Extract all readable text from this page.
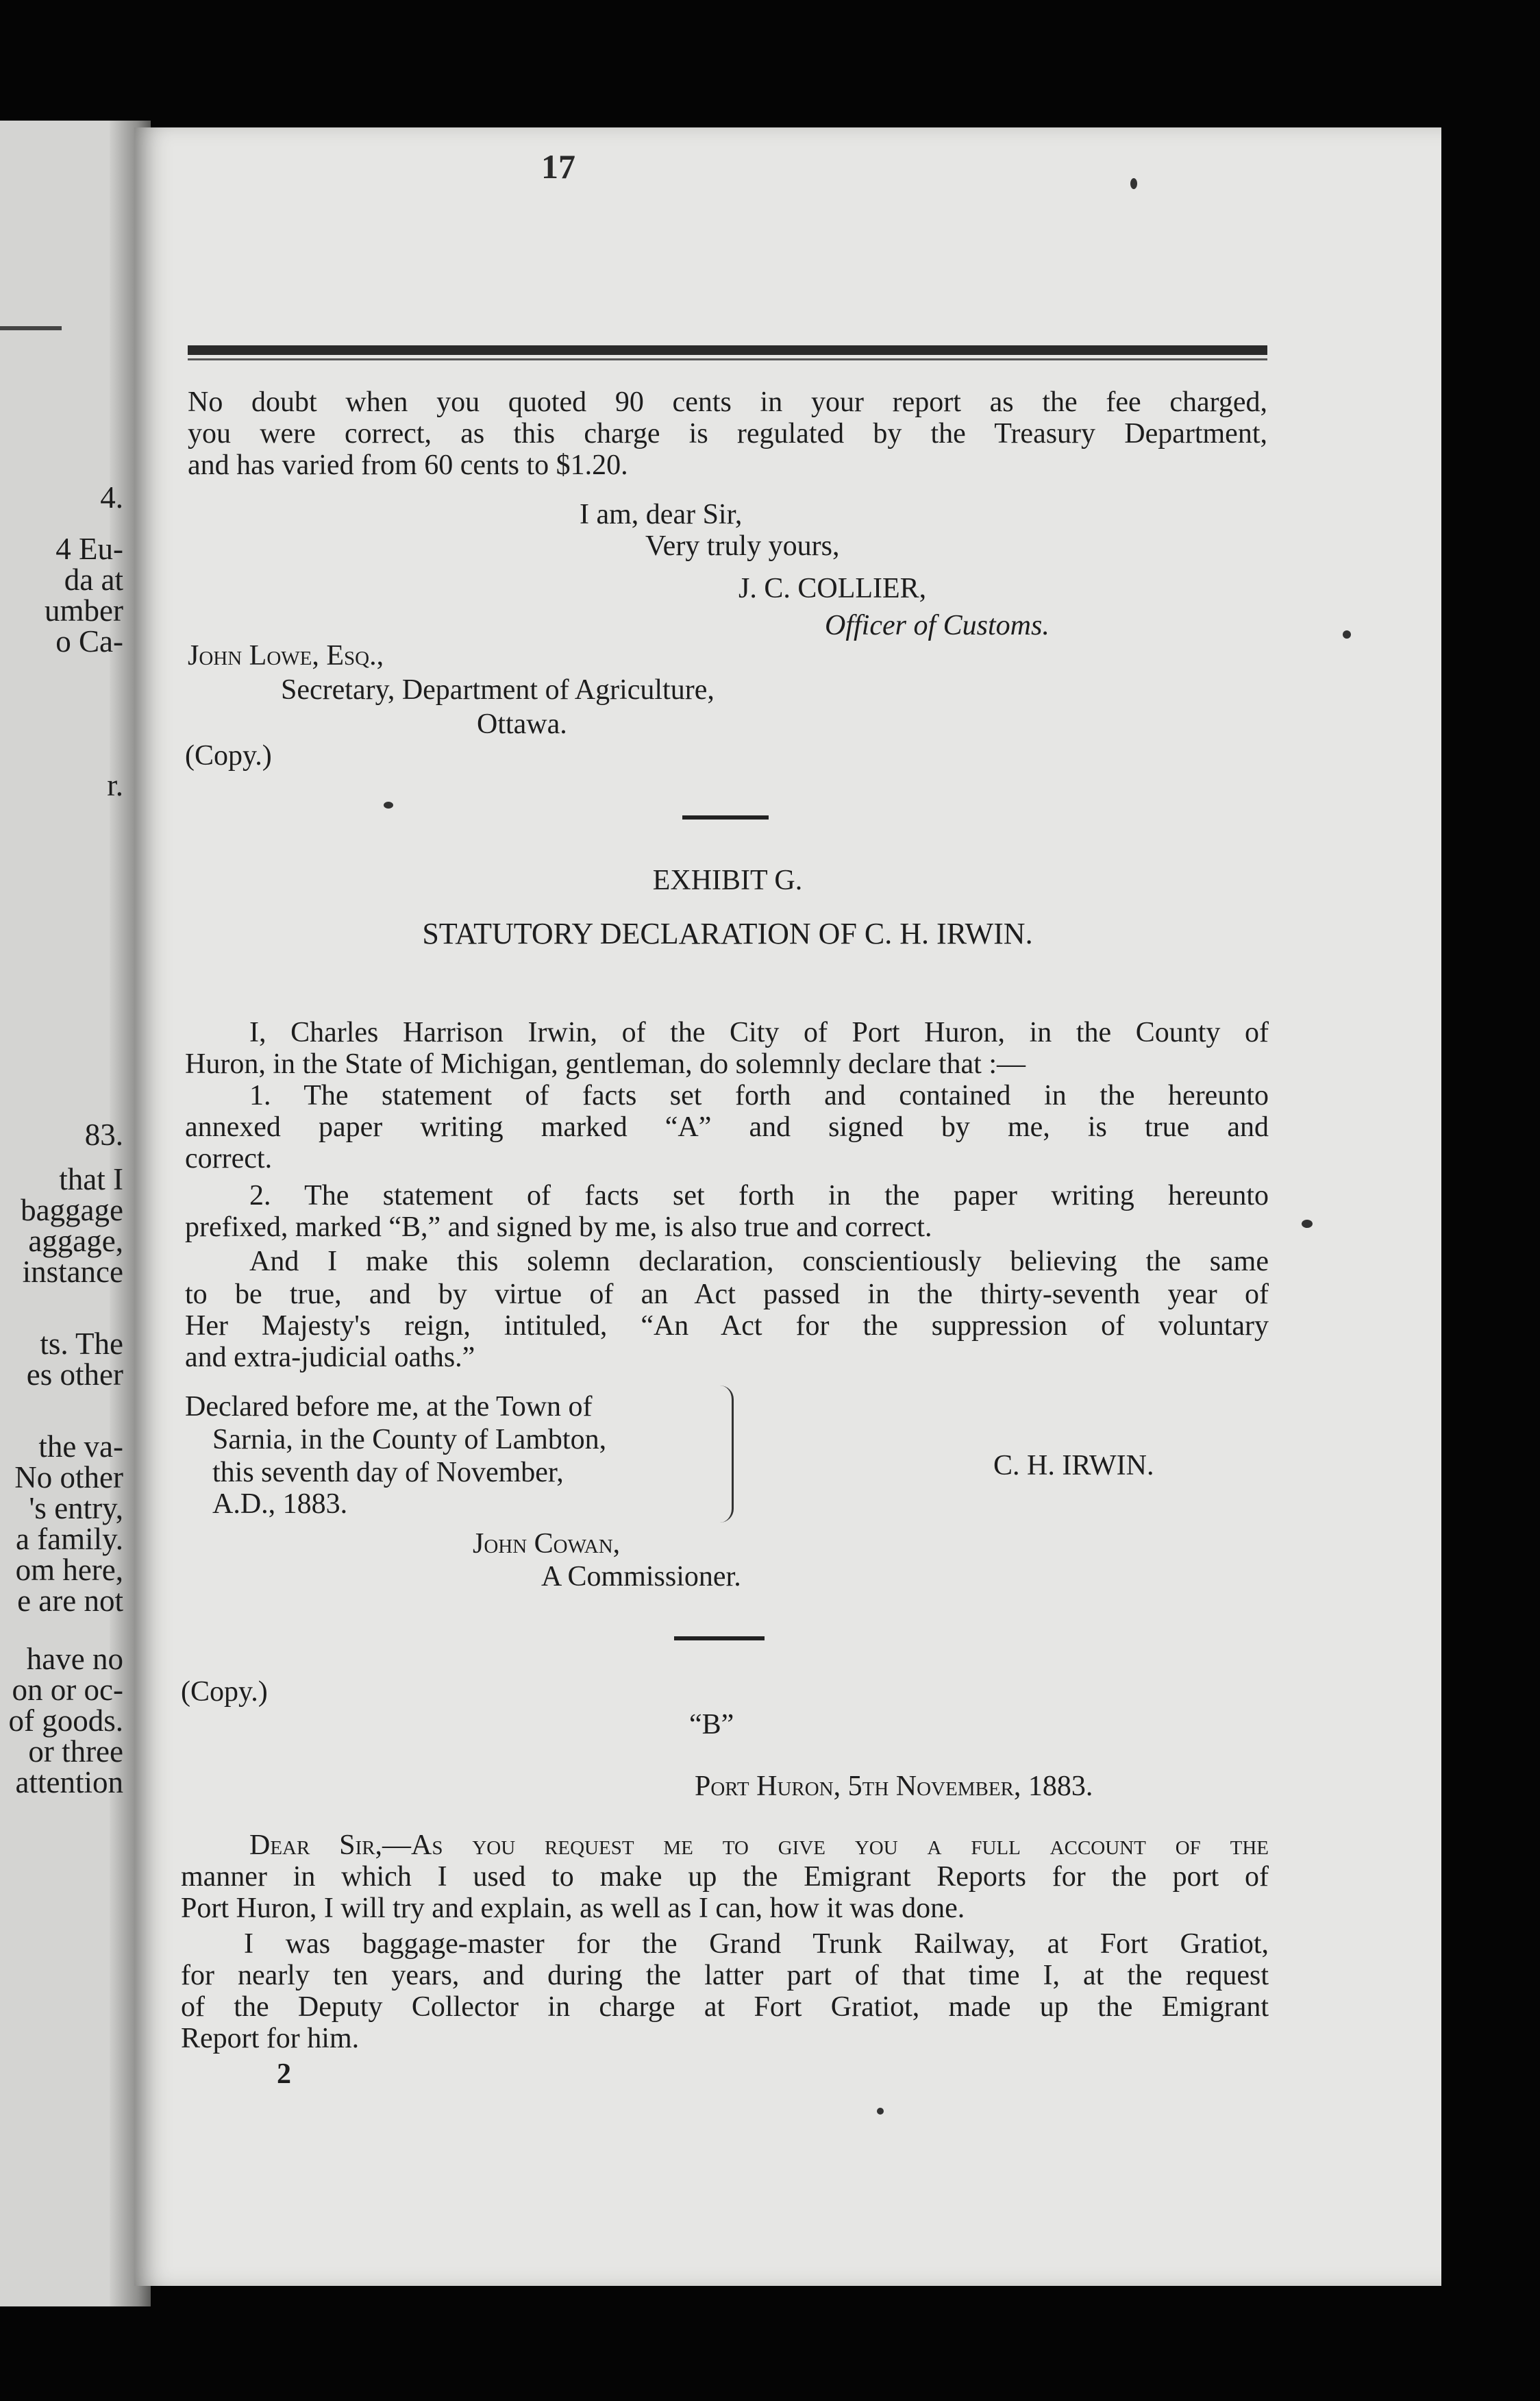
4.
4 Eu-
da at
umber
o Ca-
r.
83.
that I
baggage
aggage,
instance
ts. The
es other
the va-
No other
's entry,
a family.
om here,
e are not
have no
on or oc-
of goods.
or three
attention
17
No doubt when you quoted 90 cents in your report as the fee charged,
you were correct, as this charge is regulated by the Treasury Department,
and has varied from 60 cents to $1.20.
I am, dear Sir,
Very truly yours,
J. C. COLLIER,
Officer of Customs.
John Lowe, Esq.,
Secretary, Department of Agriculture,
Ottawa.
(Copy.)
EXHIBIT G.
STATUTORY DECLARATION OF C. H. IRWIN.
I, Charles Harrison Irwin, of the City of Port Huron, in the County of
Huron, in the State of Michigan, gentleman, do solemnly declare that :—
1. The statement of facts set forth and contained in the hereunto
annexed paper writing marked “A” and signed by me, is true and
correct.
2. The statement of facts set forth in the paper writing hereunto
prefixed, marked “B,” and signed by me, is also true and correct.
And I make this solemn declaration, conscientiously believing the same
to be true, and by virtue of an Act passed in the thirty-seventh year of
Her Majesty's reign, intituled, “An Act for the suppression of voluntary
and extra-judicial oaths.”
Declared before me, at the Town of
Sarnia, in the County of Lambton,
this seventh day of November,
A.D., 1883.
C. H. IRWIN.
John Cowan,
A Commissioner.
(Copy.)
“B”
Port Huron, 5th November, 1883.
Dear Sir,—As you request me to give you a full account of the
manner in which I used to make up the Emigrant Reports for the port of
Port Huron, I will try and explain, as well as I can, how it was done.
I was baggage-master for the Grand Trunk Railway, at Fort Gratiot,
for nearly ten years, and during the latter part of that time I, at the request
of the Deputy Collector in charge at Fort Gratiot, made up the Emigrant
Report for him.
2
